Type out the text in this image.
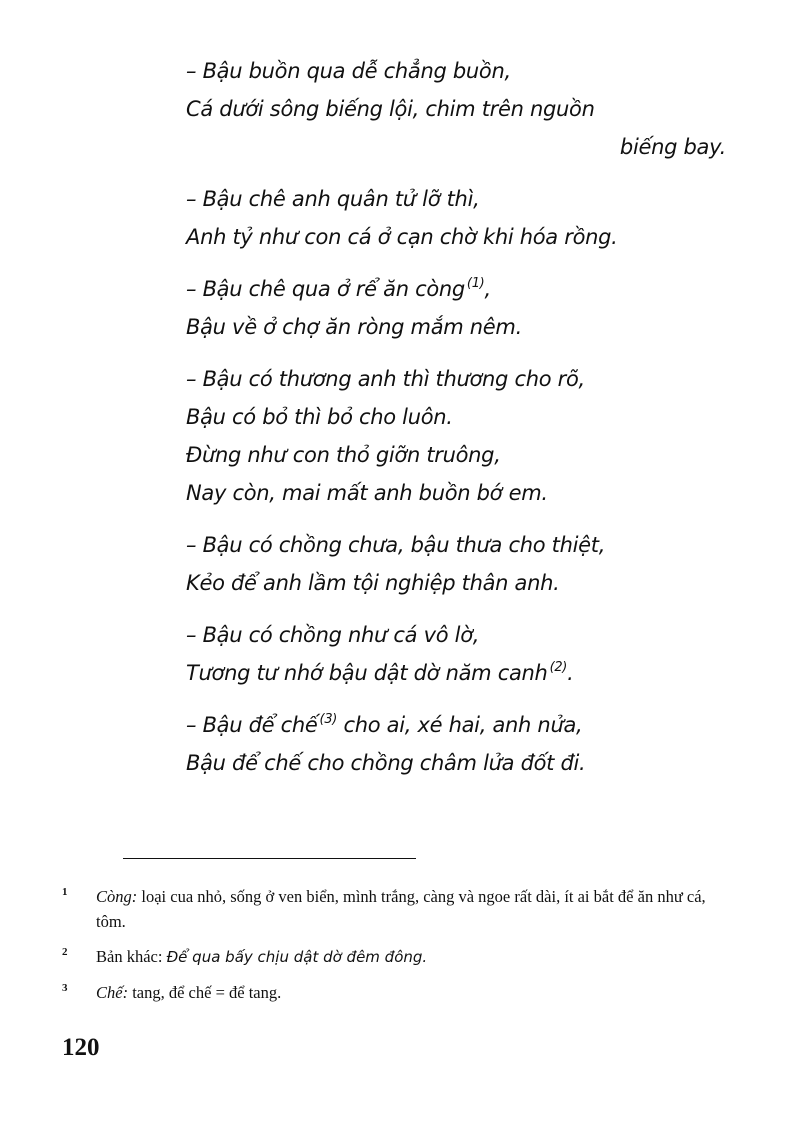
– Bậu buồn qua dễ chẳng buồn,
Cá dưới sông biếng lội, chim trên nguồn
biếng bay.
– Bậu chê anh quân tử lỡ thì,
Anh tỷ như con cá ở cạn chờ khi hóa rồng.
– Bậu chê qua ở rể ăn còng $^{(1)}$,
Bậu về ở chợ ăn ròng mắm nêm.
– Bậu có thương anh thì thương cho rõ,
Bậu có bỏ thì bỏ cho luôn.
Đừng như con thỏ giỡn truông,
Nay còn, mai mất anh buồn bớ em.
– Bậu có chồng chưa, bậu thưa cho thiệt,
Kẻo để anh lầm tội nghiệp thân anh.
– Bậu có chồng như cá vô lờ,
Tương tư nhớ bậu dật dờ năm canh $^{(2)}$.
– Bậu để chế $^{(3)}$ cho ai, xé hai, anh nửa,
Bậu để chế cho chồng châm lửa đốt đi.
1 Còng: loại cua nhỏ, sống ở ven biển, mình trắng, càng và ngoe rất dài, ít ai bắt để ăn như cá, tôm.
2 Bản khác: Để qua bấy chịu dật dờ đêm đông.
3 Chế: tang, để chế = để tang.
120
